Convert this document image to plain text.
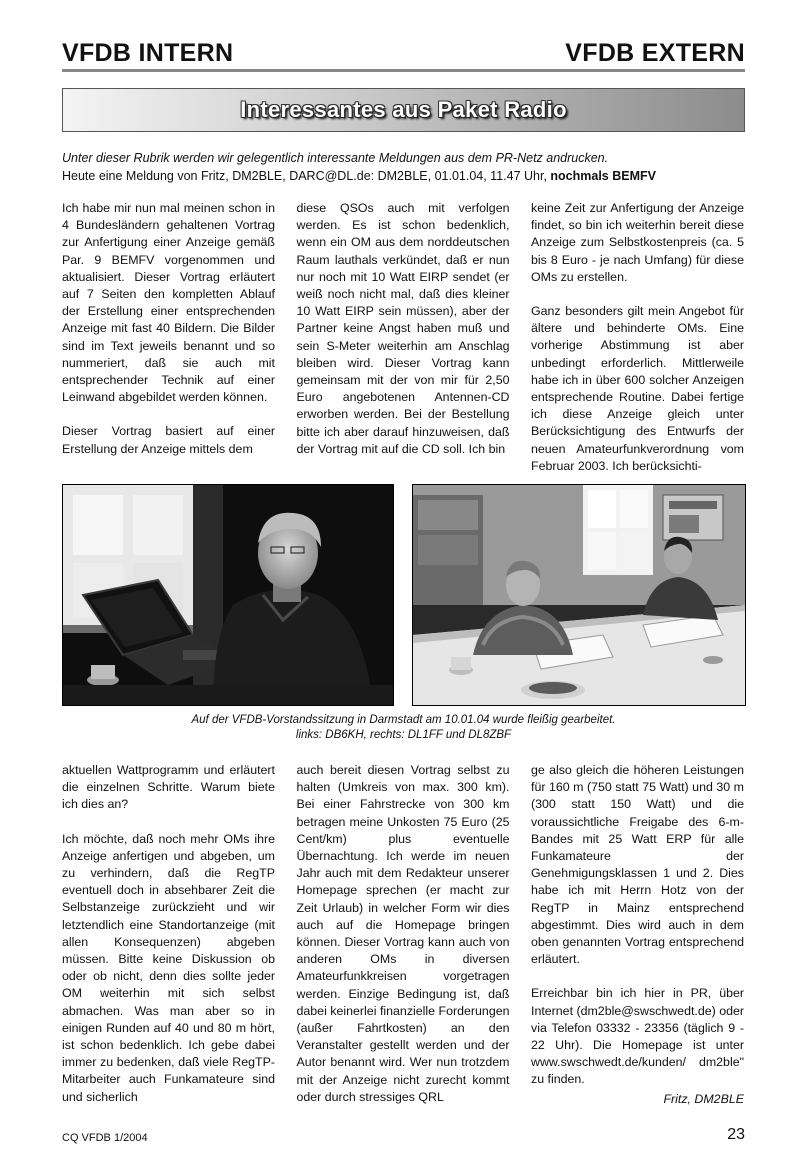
VFDB INTERN	VFDB EXTERN
Interessantes aus Paket Radio
Unter dieser Rubrik werden wir gelegentlich interessante Meldungen aus dem PR-Netz andrucken.
Heute eine Meldung von Fritz, DM2BLE, DARC@DL.de: DM2BLE, 01.01.04, 11.47 Uhr, nochmals BEMFV

Ich habe mir nun mal meinen schon in 4 Bundesländern gehaltenen Vortrag zur Anfertigung einer Anzeige gemäß Par. 9 BEMFV vorgenommen und aktualisiert. Dieser Vortrag erläutert auf 7 Seiten den kompletten Ablauf der Erstellung einer entsprechenden Anzeige mit fast 40 Bildern. Die Bilder sind im Text jeweils benannt und so nummeriert, daß sie auch mit entsprechender Technik auf einer Leinwand abgebildet werden können.

Dieser Vortrag basiert auf einer Erstellung der Anzeige mittels dem

diese QSOs auch mit verfolgen werden. Es ist schon bedenklich, wenn ein OM aus dem norddeutschen Raum lauthals verkündet, daß er nun nur noch mit 10 Watt EIRP sendet (er weiß noch nicht mal, daß dies kleiner 10 Watt EIRP sein müssen), aber der Partner keine Angst haben muß und sein S-Meter weiterhin am Anschlag bleiben wird. Dieser Vortrag kann gemeinsam mit der von mir für 2,50 Euro angebotenen Antennen-CD erworben werden. Bei der Bestellung bitte ich aber darauf hinzuweisen, daß der Vortrag mit auf die CD soll. Ich bin

keine Zeit zur Anfertigung der Anzeige findet, so bin ich weiterhin bereit diese Anzeige zum Selbstkostenpreis (ca. 5 bis 8 Euro - je nach Umfang) für diese OMs zu erstellen.

Ganz besonders gilt mein Angebot für ältere und behinderte OMs. Eine vorherige Abstimmung ist aber unbedingt erforderlich. Mittlerweile habe ich in über 600 solcher Anzeigen entsprechende Routine. Dabei fertige ich diese Anzeige gleich unter Berücksichtigung des Entwurfs der neuen Amateurfunkverordnung vom Februar 2003. Ich berücksichti-

Auf der VFDB-Vorstandssitzung in Darmstadt am 10.01.04 wurde fleißig gearbeitet.
links: DB6KH, rechts: DL1FF und DL8ZBF

aktuellen Wattprogramm und erläutert die einzelnen Schritte. Warum biete ich dies an?

Ich möchte, daß noch mehr OMs ihre Anzeige anfertigen und abgeben, um zu verhindern, daß die RegTP eventuell doch in absehbarer Zeit die Selbstanzeige zurückzieht und wir letztendlich eine Standortanzeige (mit allen Konsequenzen) abgeben müssen. Bitte keine Diskussion ob oder ob nicht, denn dies sollte jeder OM weiterhin mit sich selbst abmachen. Was man aber so in einigen Runden auf 40 und 80 m hört, ist schon bedenklich. Ich gebe dabei immer zu bedenken, daß viele RegTP-Mitarbeiter auch Funkamateure sind und sicherlich

auch bereit diesen Vortrag selbst zu halten (Umkreis von max. 300 km). Bei einer Fahrstrecke von 300 km betragen meine Unkosten 75 Euro (25 Cent/km) plus eventuelle Übernachtung. Ich werde im neuen Jahr auch mit dem Redakteur unserer Homepage sprechen (er macht zur Zeit Urlaub) in welcher Form wir dies auch auf die Homepage bringen können. Dieser Vortrag kann auch von anderen OMs in diversen Amateurfunkkreisen vorgetragen werden. Einzige Bedingung ist, daß dabei keinerlei finanzielle Forderungen (außer Fahrtkosten) an den Veranstalter gestellt werden und der Autor benannt wird. Wer nun trotzdem mit der Anzeige nicht zurecht kommt oder durch stressiges QRL

ge also gleich die höheren Leistungen für 160 m (750 statt 75 Watt) und 30 m (300 statt 150 Watt) und die voraussichtliche Freigabe des 6-m-Bandes mit 25 Watt ERP für alle Funkamateure der Genehmigungsklassen 1 und 2. Dies habe ich mit Herrn Hotz von der RegTP in Mainz entsprechend abgestimmt. Dies wird auch in dem oben genannten Vortrag entsprechend erläutert.

Erreichbar bin ich hier in PR, über Internet (dm2ble@swschwedt.de) oder via Telefon 03332 - 23356 (täglich 9 - 22 Uhr). Die Homepage ist unter www.swschwedt.de/kunden/ dm2ble" zu finden.

Fritz, DM2BLE

CQ VFDB 1/2004	23
